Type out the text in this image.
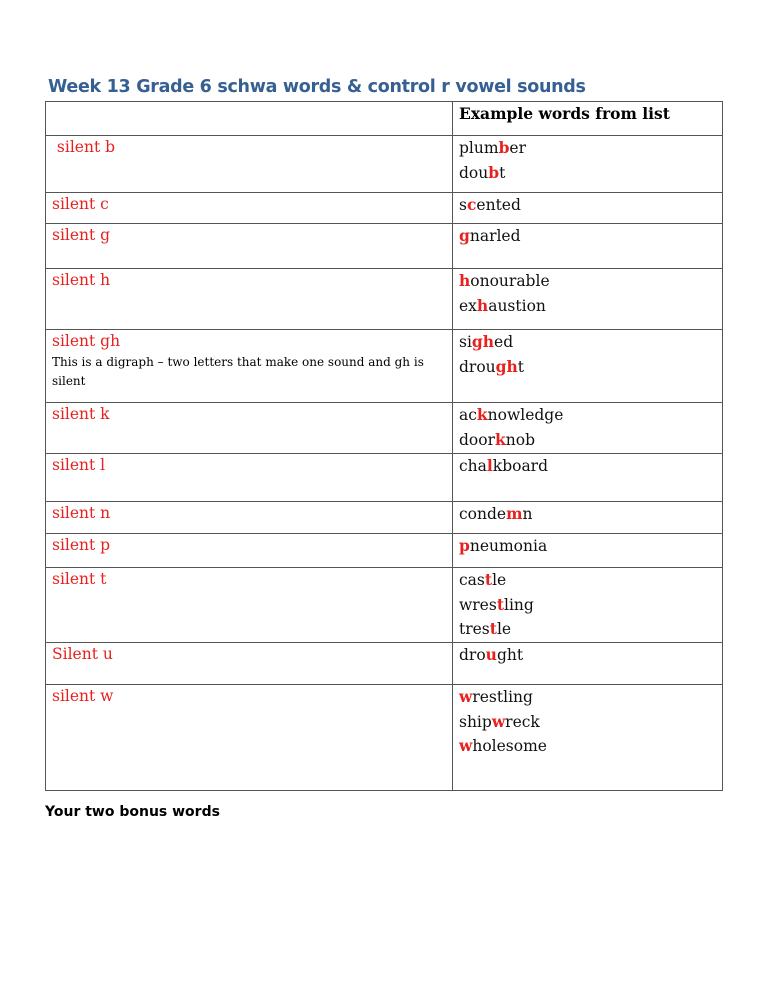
Week 13 Grade 6 schwa words & control r vowel sounds
	Example words from list
silent b	plumber
doubt

silent c	scented

silent g	gnarled

silent h	honourable
exhaustion

silent gh
This is a digraph – two letters that make one sound and gh is silent	sighed
drought

silent k	acknowledge
doorknob

silent l	chalkboard

silent n	condemn

silent p	pneumonia

silent t	castle
wrestling
trestle

Silent u	drought

silent w	wrestling
shipwreck
wholesome
Your two bonus words
